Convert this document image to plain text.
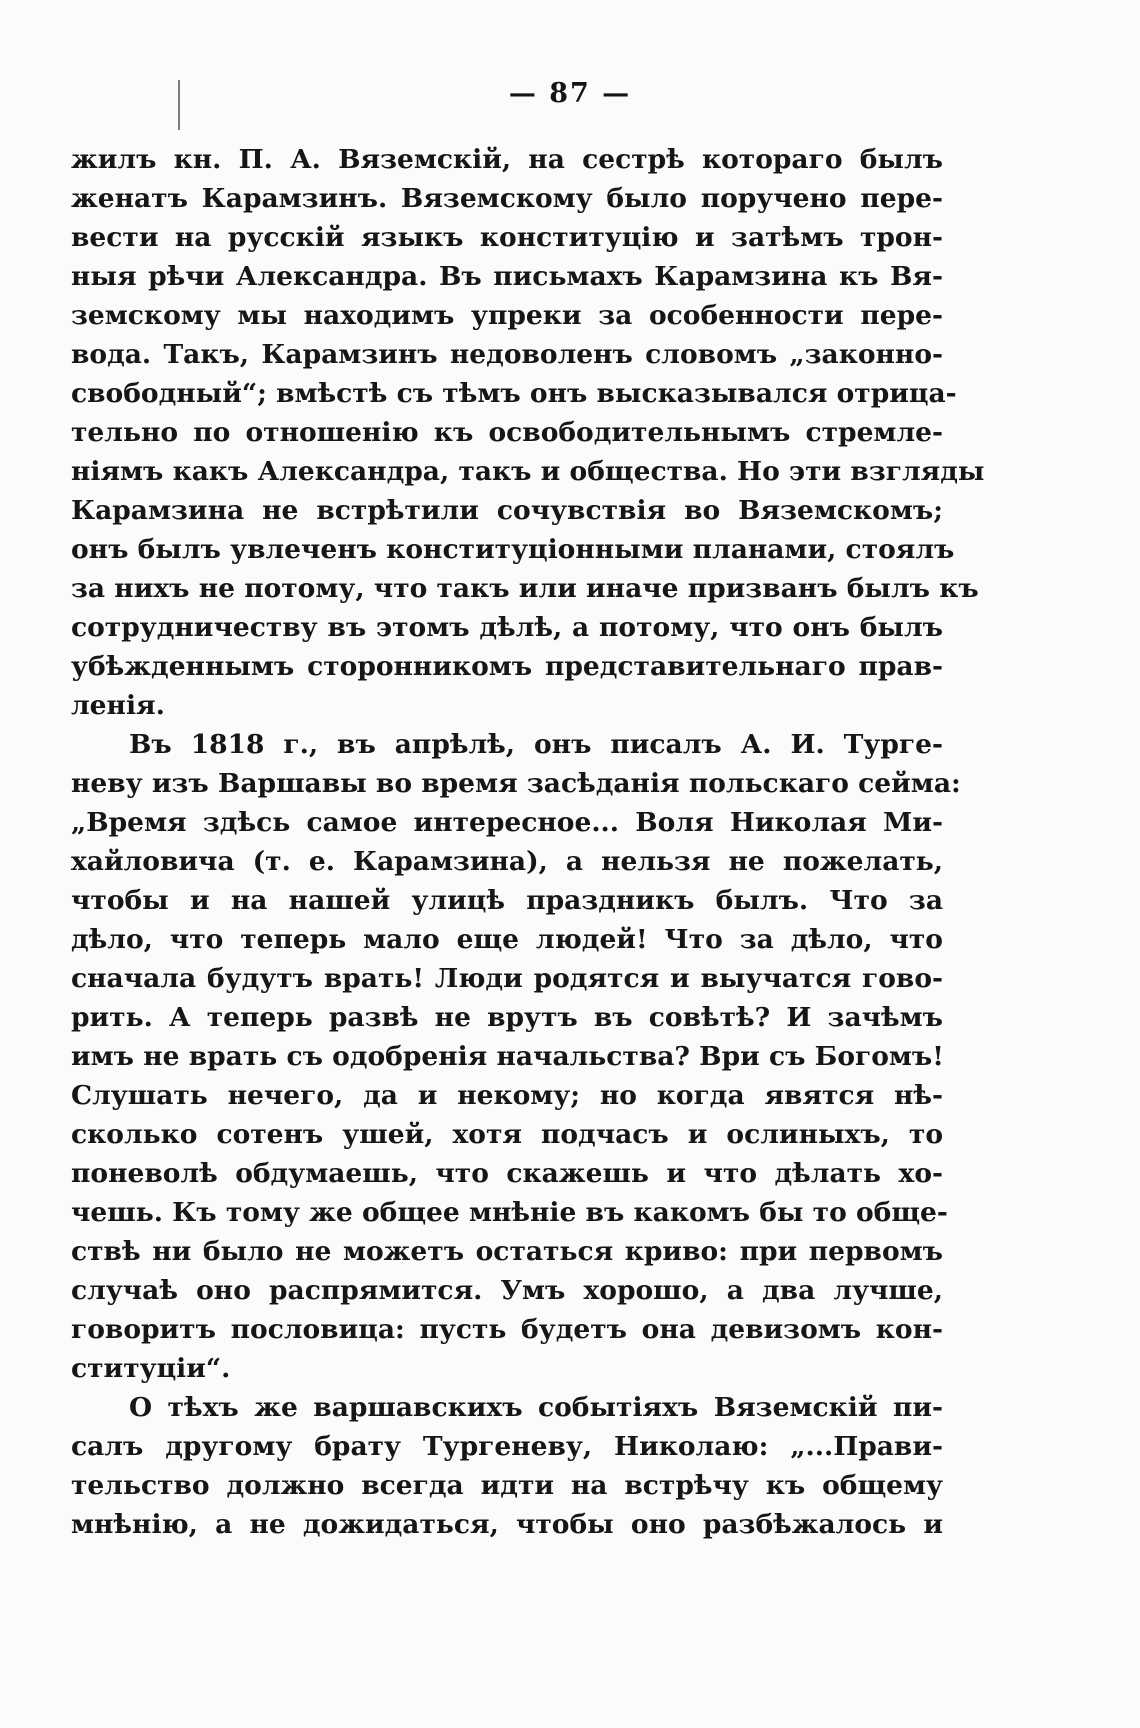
— 87 —
жилъ кн. П. А. Вяземскій, на сестрѣ котораго былъ
женатъ Карамзинъ. Вяземскому было поручено пере-
вести на русскій языкъ конституцію и затѣмъ трон-
ныя рѣчи Александра. Въ письмахъ Карамзина къ Вя-
земскому мы находимъ упреки за особенности пере-
вода. Такъ, Карамзинъ недоволенъ словомъ „законно-
свободный“; вмѣстѣ съ тѣмъ онъ высказывался отрица-
тельно по отношенію къ освободительнымъ стремле-
ніямъ какъ Александра, такъ и общества. Но эти взгляды
Карамзина не встрѣтили сочувствія во Вяземскомъ;
онъ былъ увлеченъ конституціонными планами, стоялъ
за нихъ не потому, что такъ или иначе призванъ былъ къ
сотрудничеству въ этомъ дѣлѣ, а потому, что онъ былъ
убѣжденнымъ сторонникомъ представительнаго прав-
ленія.
Въ 1818 г., въ апрѣлѣ, онъ писалъ А. И. Турге-
неву изъ Варшавы во время засѣданія польскаго сейма:
„Время здѣсь самое интересное... Воля Николая Ми-
хайловича (т. е. Карамзина), а нельзя не пожелать,
чтобы и на нашей улицѣ праздникъ былъ. Что за
дѣло, что теперь мало еще людей! Что за дѣло, что
сначала будутъ врать! Люди родятся и выучатся гово-
рить. А теперь развѣ не врутъ въ совѣтѣ? И зачѣмъ
имъ не врать съ одобренія начальства? Ври съ Богомъ!
Слушать нечего, да и некому; но когда явятся нѣ-
сколько сотенъ ушей, хотя подчасъ и ослиныхъ, то
поневолѣ обдумаешь, что скажешь и что дѣлать хо-
чешь. Къ тому же общее мнѣніе въ какомъ бы то обще-
ствѣ ни было не можетъ остаться криво: при первомъ
случаѣ оно распрямится. Умъ хорошо, а два лучше,
говоритъ пословица: пусть будетъ она девизомъ кон-
ституціи“.
О тѣхъ же варшавскихъ событіяхъ Вяземскій пи-
салъ другому брату Тургеневу, Николаю: „...Прави-
тельство должно всегда идти на встрѣчу къ общему
мнѣнію, а не дожидаться, чтобы оно разбѣжалось и
